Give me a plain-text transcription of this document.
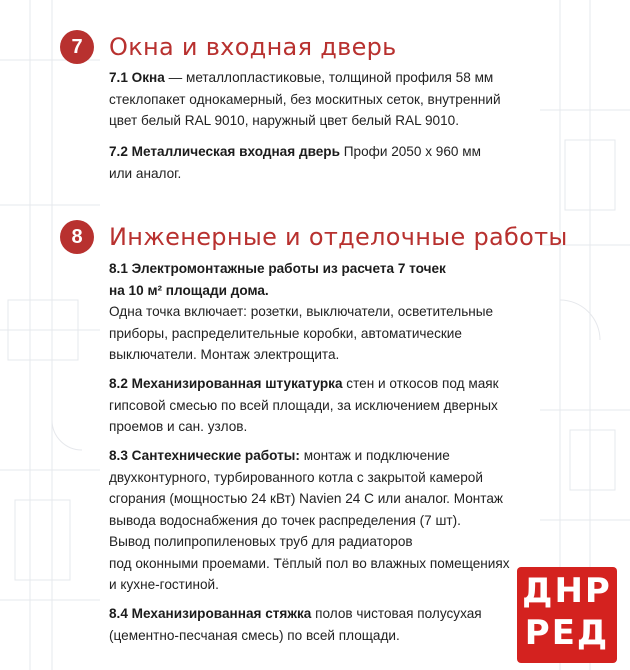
7	Окна и входная дверь
7.1 Окна — металлопластиковые, толщиной профиля 58 мм
стеклопакет однокамерный, без москитных сеток, внутренний
цвет белый RAL 9010, наружный цвет белый RAL 9010.
7.2 Металлическая входная дверь Профи 2050 х 960 мм
или аналог.
8	Инженерные и отделочные работы
8.1 Электромонтажные работы из расчета 7 точек
на 10 м² площади дома.
Одна точка включает: розетки, выключатели, осветительные
приборы, распределительные коробки, автоматические
выключатели. Монтаж электрощита.
8.2 Механизированная штукатурка стен и откосов под маяк
гипсовой смесью по всей площади, за исключением дверных
проемов и сан. узлов.
8.3 Сантехнические работы: монтаж и подключение
двухконтурного, турбированного котла с закрытой камерой
сгорания (мощностью 24 кВт) Navien 24 C или аналог. Монтаж
вывода водоснабжения до точек распределения (7 шт).
Вывод полипропиленовых труб для радиаторов
под оконными проемами. Тёплый пол во влажных помещениях
и кухне-гостиной.
8.4 Механизированная стяжка полов чистовая полусухая
(цементно-песчаная смесь) по всей площади.
ДНР
РЕД
